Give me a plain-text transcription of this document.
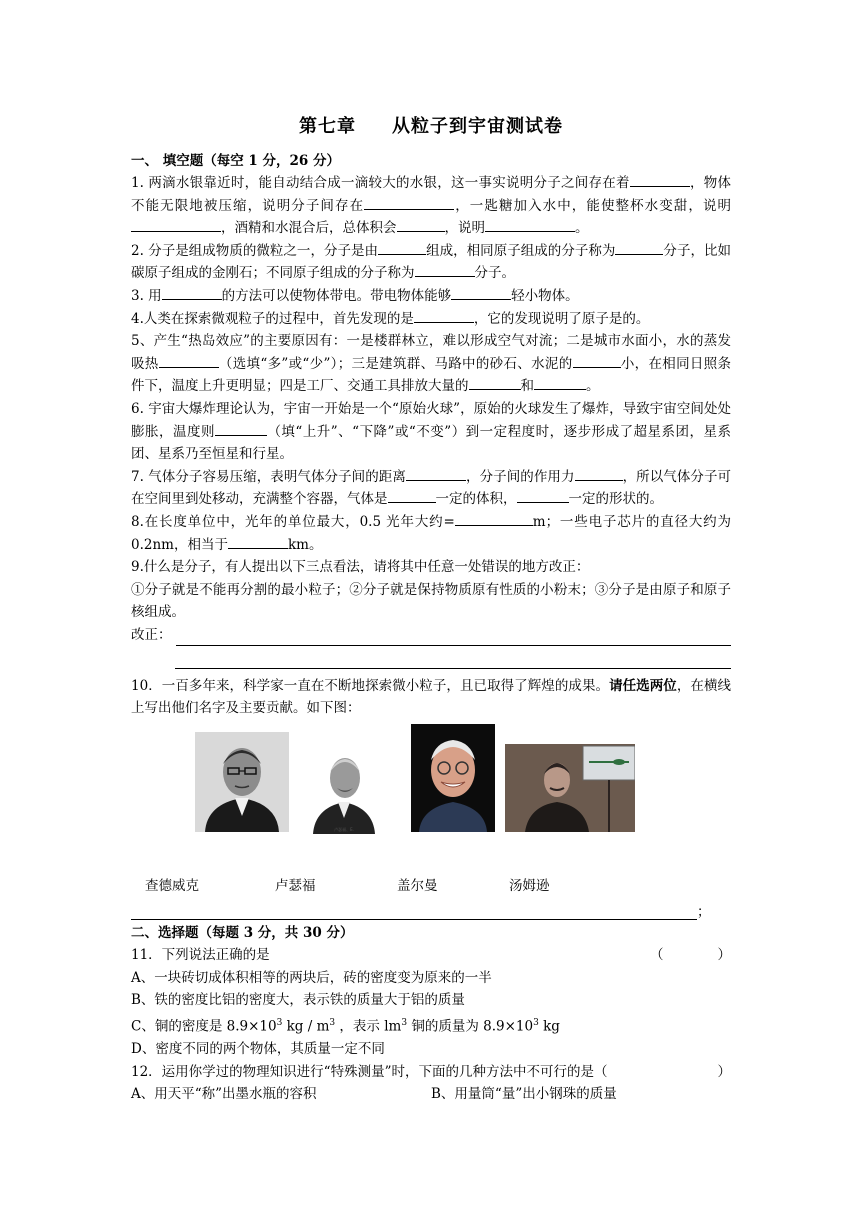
第七章 从粒子到宇宙测试卷
一、 填空题（每空 1 分，26 分）

1. 两滴水银靠近时，能自动结合成一滴较大的水银，这一事实说明分子之间存在着	，物体不能无限地被压缩，说明分子间存在	，一匙糖加入水中，能使整杯水变甜，说明，酒精和水混合后，总体积会	，说明	。

2. 分子是组成物质的微粒之一，分子是由	组成，相同原子组成的分子称为	分子，比如碳原子组成的金刚石；不同原子组成的分子称为	分子。

3. 用	的方法可以使物体带电。带电物体能够	轻小物体。

4.人类在探索微观粒子的过程中，首先发现的是	，它的发现说明了原子是的。

5、产生“热岛效应”的主要原因有：一是楼群林立，难以形成空气对流；二是城市水面小，水的蒸发吸热	（选填“多”或“少”）；三是建筑群、马路中的砂石、水泥的	小，在相同日照条件下，温度上升更明显；四是工厂、交通工具排放大量的	和	。

6. 宇宙大爆炸理论认为，宇宙一开始是一个“原始火球”，原始的火球发生了爆炸，导致宇宙空间处处膨胀，温度则	（填“上升”、“下降”或“不变”）到一定程度时，逐步形成了超星系团，星系团、星系乃至恒星和行星。

7. 气体分子容易压缩，表明气体分子间的距离	，分子间的作用力	，所以气体分子可在空间里到处移动，充满整个容器，气体是	一定的体积，	一定的形状的。

8.在长度单位中，光年的单位最大，0.5 光年大约=	m；一些电子芯片的直径大约为 0.2nm，相当于	km。

9.什么是分子，有人提出以下三点看法，请将其中任意一处错误的地方改正：
①分子就是不能再分割的最小粒子；②分子就是保持物质原有性质的小粉末；③分子是由原子和原子核组成。

改正：

10．一百多年来，科学家一直在不断地探索微小粒子，且已取得了辉煌的成果。请任选两位，在横线上写出他们名字及主要贡献。如下图：

卢瑟福、E.
查德威克	卢瑟福	盖尔曼	汤姆逊
；
二、选择题（每题 3 分，共 30 分）

11．下列说法正确的是	（　　　　）

A、一块砖切成体积相等的两块后，砖的密度变为原来的一半

B、铁的密度比铝的密度大，表示铁的质量大于铝的质量

C、铜的密度是 $8.9\times 10^3$ kg / $m^3$ ，表示 $lm^3$ 铜的质量为 $8.9\times 10^3$ kg

D、密度不同的两个物体，其质量一定不同

12．运用你学过的物理知识进行“特殊测量”时，下面的几种方法中不可行的是（	）

A、用天平“称”出墨水瓶的容积	B、用量筒“量”出小钢珠的质量
